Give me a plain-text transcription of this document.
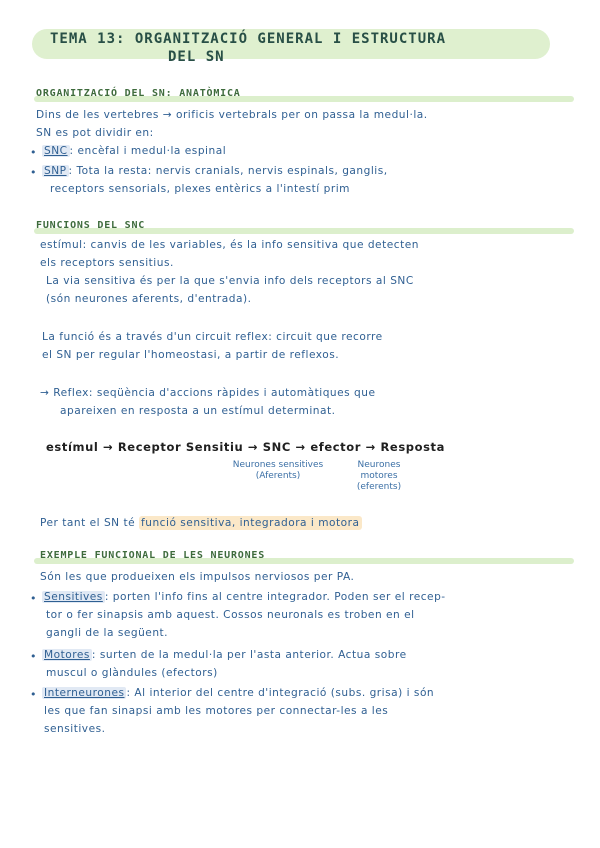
TEMA 13: ORGANITZACIÓ GENERAL I ESTRUCTURA
DEL SN
ORGANITZACIÓ DEL SN: ANATÒMICA
Dins de les vertebres → orificis vertebrals per on passa la medul·la.
SN es pot dividir en:
• SNC : encèfal i medul·la espinal
• SNP : Tota la resta: nervis cranials, nervis espinals, ganglis,
receptors sensorials, plexes entèrics a l'intestí prim
FUNCIONS DEL SNC
estímul: canvis de les variables, és la info sensitiva que detecten
els receptors sensitius.
La via sensitiva és per la que s'envia info dels receptors al SNC
(són neurones aferents, d'entrada).
La funció és a través d'un circuit reflex: circuit que recorre
el SN per regular l'homeostasi, a partir de reflexos.
→ Reflex: seqüència d'accions ràpides i automàtiques que
apareixen en resposta a un estímul determinat.
estímul → Receptor Sensitiu → SNC → efector → Resposta
Neurones sensitives
(Aferents)
Neurones
motores
(eferents)
Per tant el SN té funció sensitiva, integradora i motora
EXEMPLE FUNCIONAL DE LES NEURONES
Són les que produeixen els impulsos nerviosos per PA.
• Sensitives : porten l'info fins al centre integrador. Poden ser el recep-
tor o fer sinapsis amb aquest. Cossos neuronals es troben en el
gangli de la següent.
• Motores : surten de la medul·la per l'asta anterior. Actua sobre
muscul o glàndules (efectors)
• Interneurones : Al interior del centre d'integració (subs. grisa) i són
les que fan sinapsi amb les motores per connectar-les a les
sensitives.
